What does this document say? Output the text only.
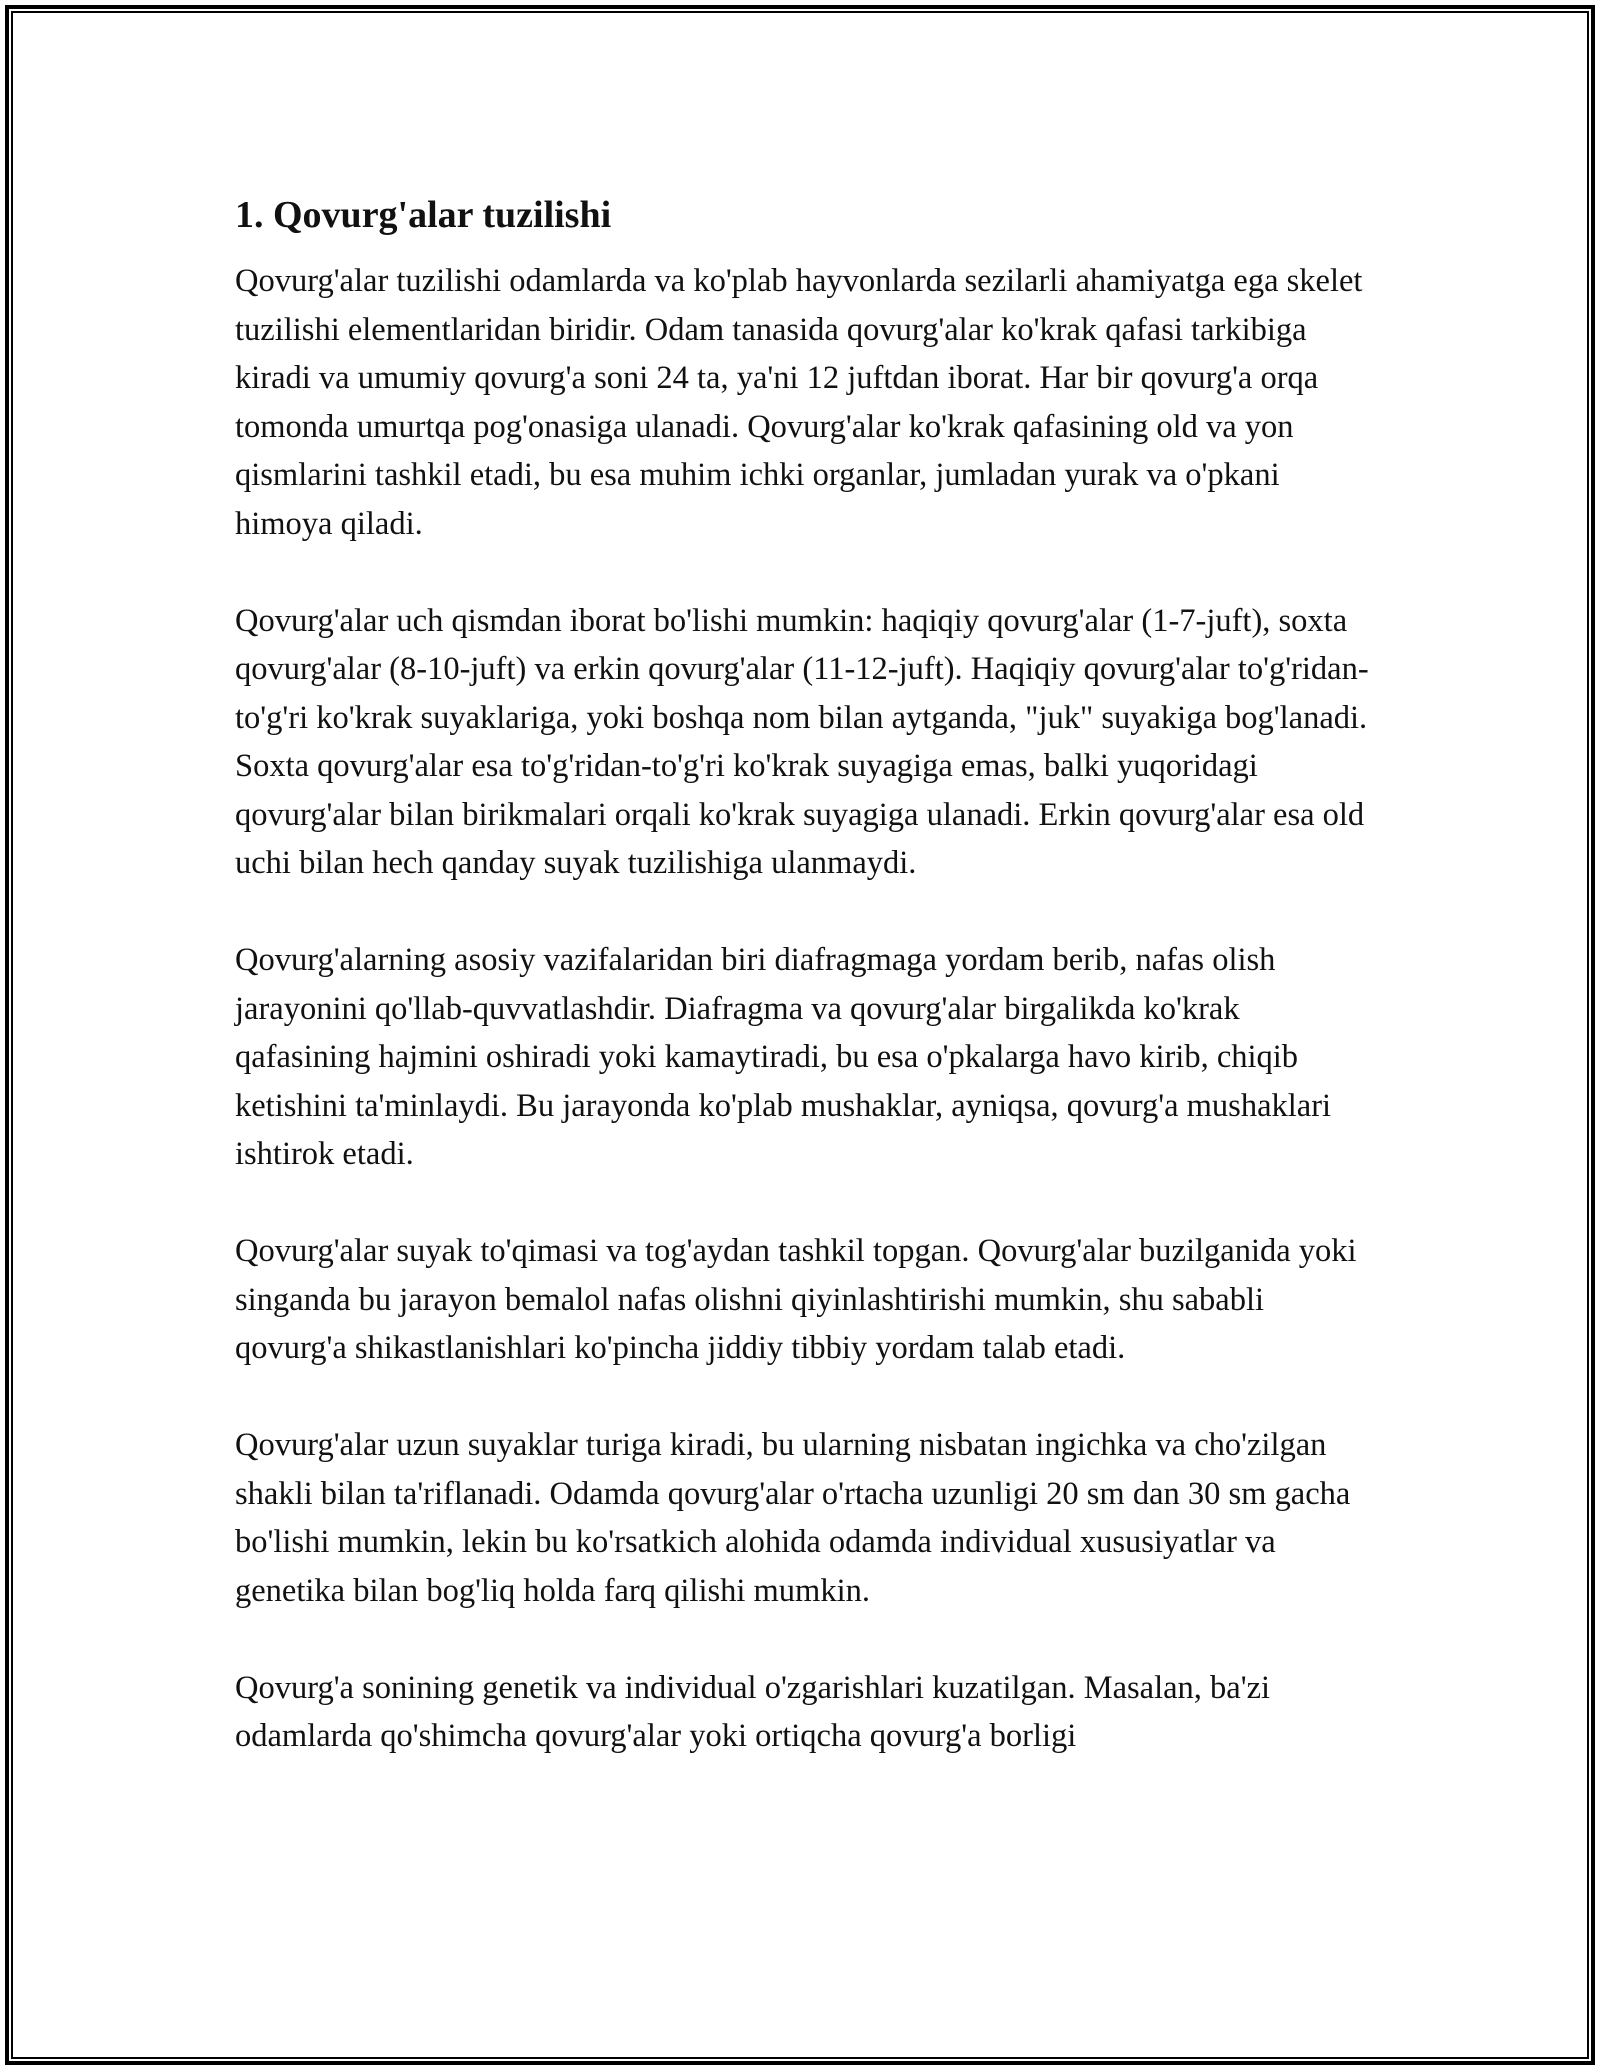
1. Qovurg'alar tuzilishi

Qovurg'alar tuzilishi odamlarda va ko'plab hayvonlarda sezilarli ahamiyatga ega skelet tuzilishi elementlaridan biridir. Odam tanasida qovurg'alar ko'krak qafasi tarkibiga kiradi va umumiy qovurg'a soni 24 ta, ya'ni 12 juftdan iborat. Har bir qovurg'a orqa tomonda umurtqa pog'onasiga ulanadi. Qovurg'alar ko'krak qafasining old va yon qismlarini tashkil etadi, bu esa muhim ichki organlar, jumladan yurak va o'pkani himoya qiladi.

Qovurg'alar uch qismdan iborat bo'lishi mumkin: haqiqiy qovurg'alar (1-7-juft), soxta qovurg'alar (8-10-juft) va erkin qovurg'alar (11-12-juft). Haqiqiy qovurg'alar to'g'ridan-to'g'ri ko'krak suyaklariga, yoki boshqa nom bilan aytganda, "juk" suyakiga bog'lanadi. Soxta qovurg'alar esa to'g'ridan-to'g'ri ko'krak suyagiga emas, balki yuqoridagi qovurg'alar bilan birikmalari orqali ko'krak suyagiga ulanadi. Erkin qovurg'alar esa old uchi bilan hech qanday suyak tuzilishiga ulanmaydi.

Qovurg'alarning asosiy vazifalaridan biri diafragmaga yordam berib, nafas olish jarayonini qo'llab-quvvatlashdir. Diafragma va qovurg'alar birgalikda ko'krak qafasining hajmini oshiradi yoki kamaytiradi, bu esa o'pkalarga havo kirib, chiqib ketishini ta'minlaydi. Bu jarayonda ko'plab mushaklar, ayniqsa, qovurg'a mushaklari ishtirok etadi.

Qovurg'alar suyak to'qimasi va tog'aydan tashkil topgan. Qovurg'alar buzilganida yoki singanda bu jarayon bemalol nafas olishni qiyinlashtirishi mumkin, shu sababli qovurg'a shikastlanishlari ko'pincha jiddiy tibbiy yordam talab etadi.

Qovurg'alar uzun suyaklar turiga kiradi, bu ularning nisbatan ingichka va cho'zilgan shakli bilan ta'riflanadi. Odamda qovurg'alar o'rtacha uzunligi 20 sm dan 30 sm gacha bo'lishi mumkin, lekin bu ko'rsatkich alohida odamda individual xususiyatlar va genetika bilan bog'liq holda farq qilishi mumkin.

Qovurg'a sonining genetik va individual o'zgarishlari kuzatilgan. Masalan, ba'zi odamlarda qo'shimcha qovurg'alar yoki ortiqcha qovurg'a borligi
